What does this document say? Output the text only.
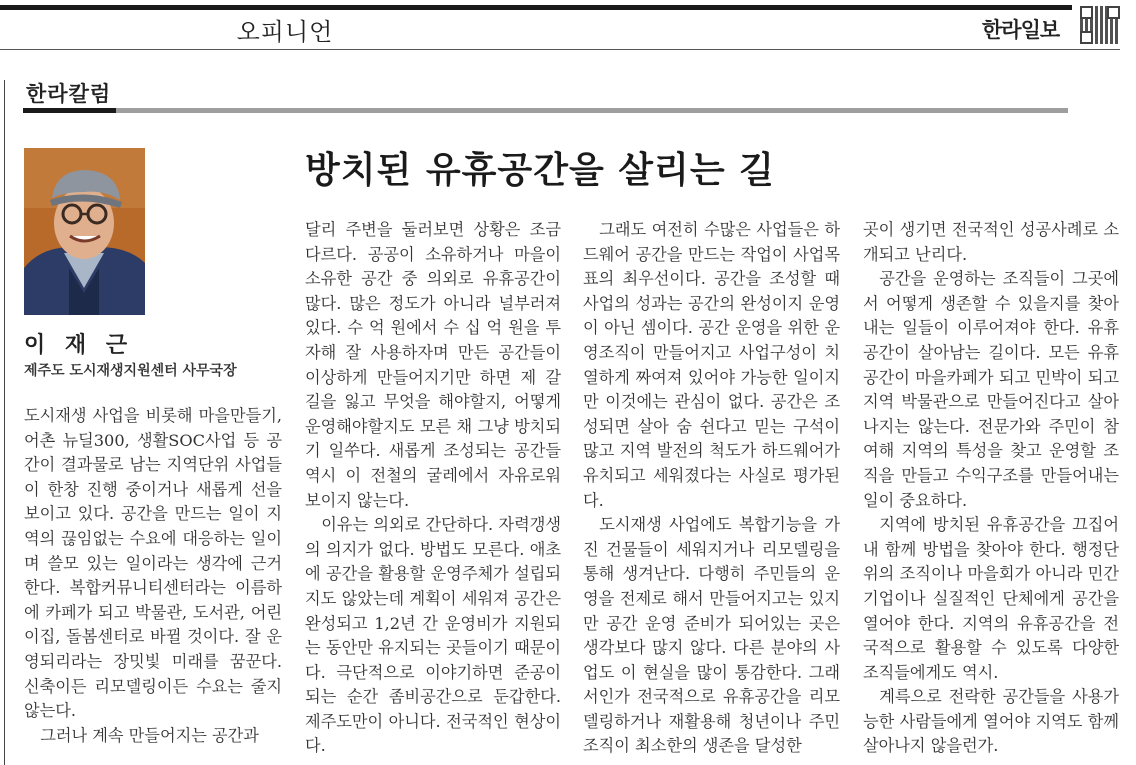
오피니언	한라일보
한라칼럼
이 재 근
제주도 도시재생지원센터 사무국장
방치된 유휴공간을 살리는 길

도시재생 사업을 비롯해 마을만들기, 어촌 뉴딜300, 생활SOC사업 등 공간이 결과물로 남는 지역단위 사업들이 한창 진행 중이거나 새롭게 선을 보이고 있다. 공간을 만드는 일이 지역의 끊임없는 수요에 대응하는 일이며 쓸모 있는 일이라는 생각에 근거한다. 복합커뮤니티센터라는 이름하에 카페가 되고 박물관, 도서관, 어린이집, 돌봄센터로 바뀔 것이다. 잘 운영되리라는 장밋빛 미래를 꿈꾼다. 신축이든 리모델링이든 수요는 줄지 않는다.

그러나 계속 만들어지는 공간과

달리 주변을 둘러보면 상황은 조금 다르다. 공공이 소유하거나 마을이 소유한 공간 중 의외로 유휴공간이 많다. 많은 정도가 아니라 널부러져 있다. 수 억 원에서 수 십 억 원을 투자해 잘 사용하자며 만든 공간들이 이상하게 만들어지기만 하면 제 갈 길을 잃고 무엇을 해야할지, 어떻게 운영해야할지도 모른 채 그냥 방치되기 일쑤다. 새롭게 조성되는 공간들 역시 이 전철의 굴레에서 자유로워 보이지 않는다.

이유는 의외로 간단하다. 자력갱생의 의지가 없다. 방법도 모른다. 애초에 공간을 활용할 운영주체가 설립되지도 않았는데 계획이 세워져 공간은 완성되고 1,2년 간 운영비가 지원되는 동안만 유지되는 곳들이기 때문이다. 극단적으로 이야기하면 준공이 되는 순간 좀비공간으로 둔갑한다. 제주도만이 아니다. 전국적인 현상이다.

그래도 여전히 수많은 사업들은 하드웨어 공간을 만드는 작업이 사업목표의 최우선이다. 공간을 조성할 때 사업의 성과는 공간의 완성이지 운영이 아닌 셈이다. 공간 운영을 위한 운영조직이 만들어지고 사업구성이 치열하게 짜여져 있어야 가능한 일이지만 이것에는 관심이 없다. 공간은 조성되면 살아 숨 쉰다고 믿는 구석이 많고 지역 발전의 척도가 하드웨어가 유치되고 세워졌다는 사실로 평가된다.

도시재생 사업에도 복합기능을 가진 건물들이 세워지거나 리모델링을 통해 생겨난다. 다행히 주민들의 운영을 전제로 해서 만들어지고는 있지만 공간 운영 준비가 되어있는 곳은 생각보다 많지 않다. 다른 분야의 사업도 이 현실을 많이 통감한다. 그래서인가 전국적으로 유휴공간을 리모델링하거나 재활용해 청년이나 주민조직이 최소한의 생존을 달성한

곳이 생기면 전국적인 성공사례로 소개되고 난리다.

공간을 운영하는 조직들이 그곳에서 어떻게 생존할 수 있을지를 찾아내는 일들이 이루어져야 한다. 유휴공간이 살아남는 길이다. 모든 유휴공간이 마을카페가 되고 민박이 되고 지역 박물관으로 만들어진다고 살아나지는 않는다. 전문가와 주민이 참여해 지역의 특성을 찾고 운영할 조직을 만들고 수익구조를 만들어내는 일이 중요하다.

지역에 방치된 유휴공간을 끄집어내 함께 방법을 찾아야 한다. 행정단위의 조직이나 마을회가 아니라 민간 기업이나 실질적인 단체에게 공간을 열어야 한다. 지역의 유휴공간을 전국적으로 활용할 수 있도록 다양한 조직들에게도 역시.

계륵으로 전락한 공간들을 사용가능한 사람들에게 열어야 지역도 함께 살아나지 않을런가.
